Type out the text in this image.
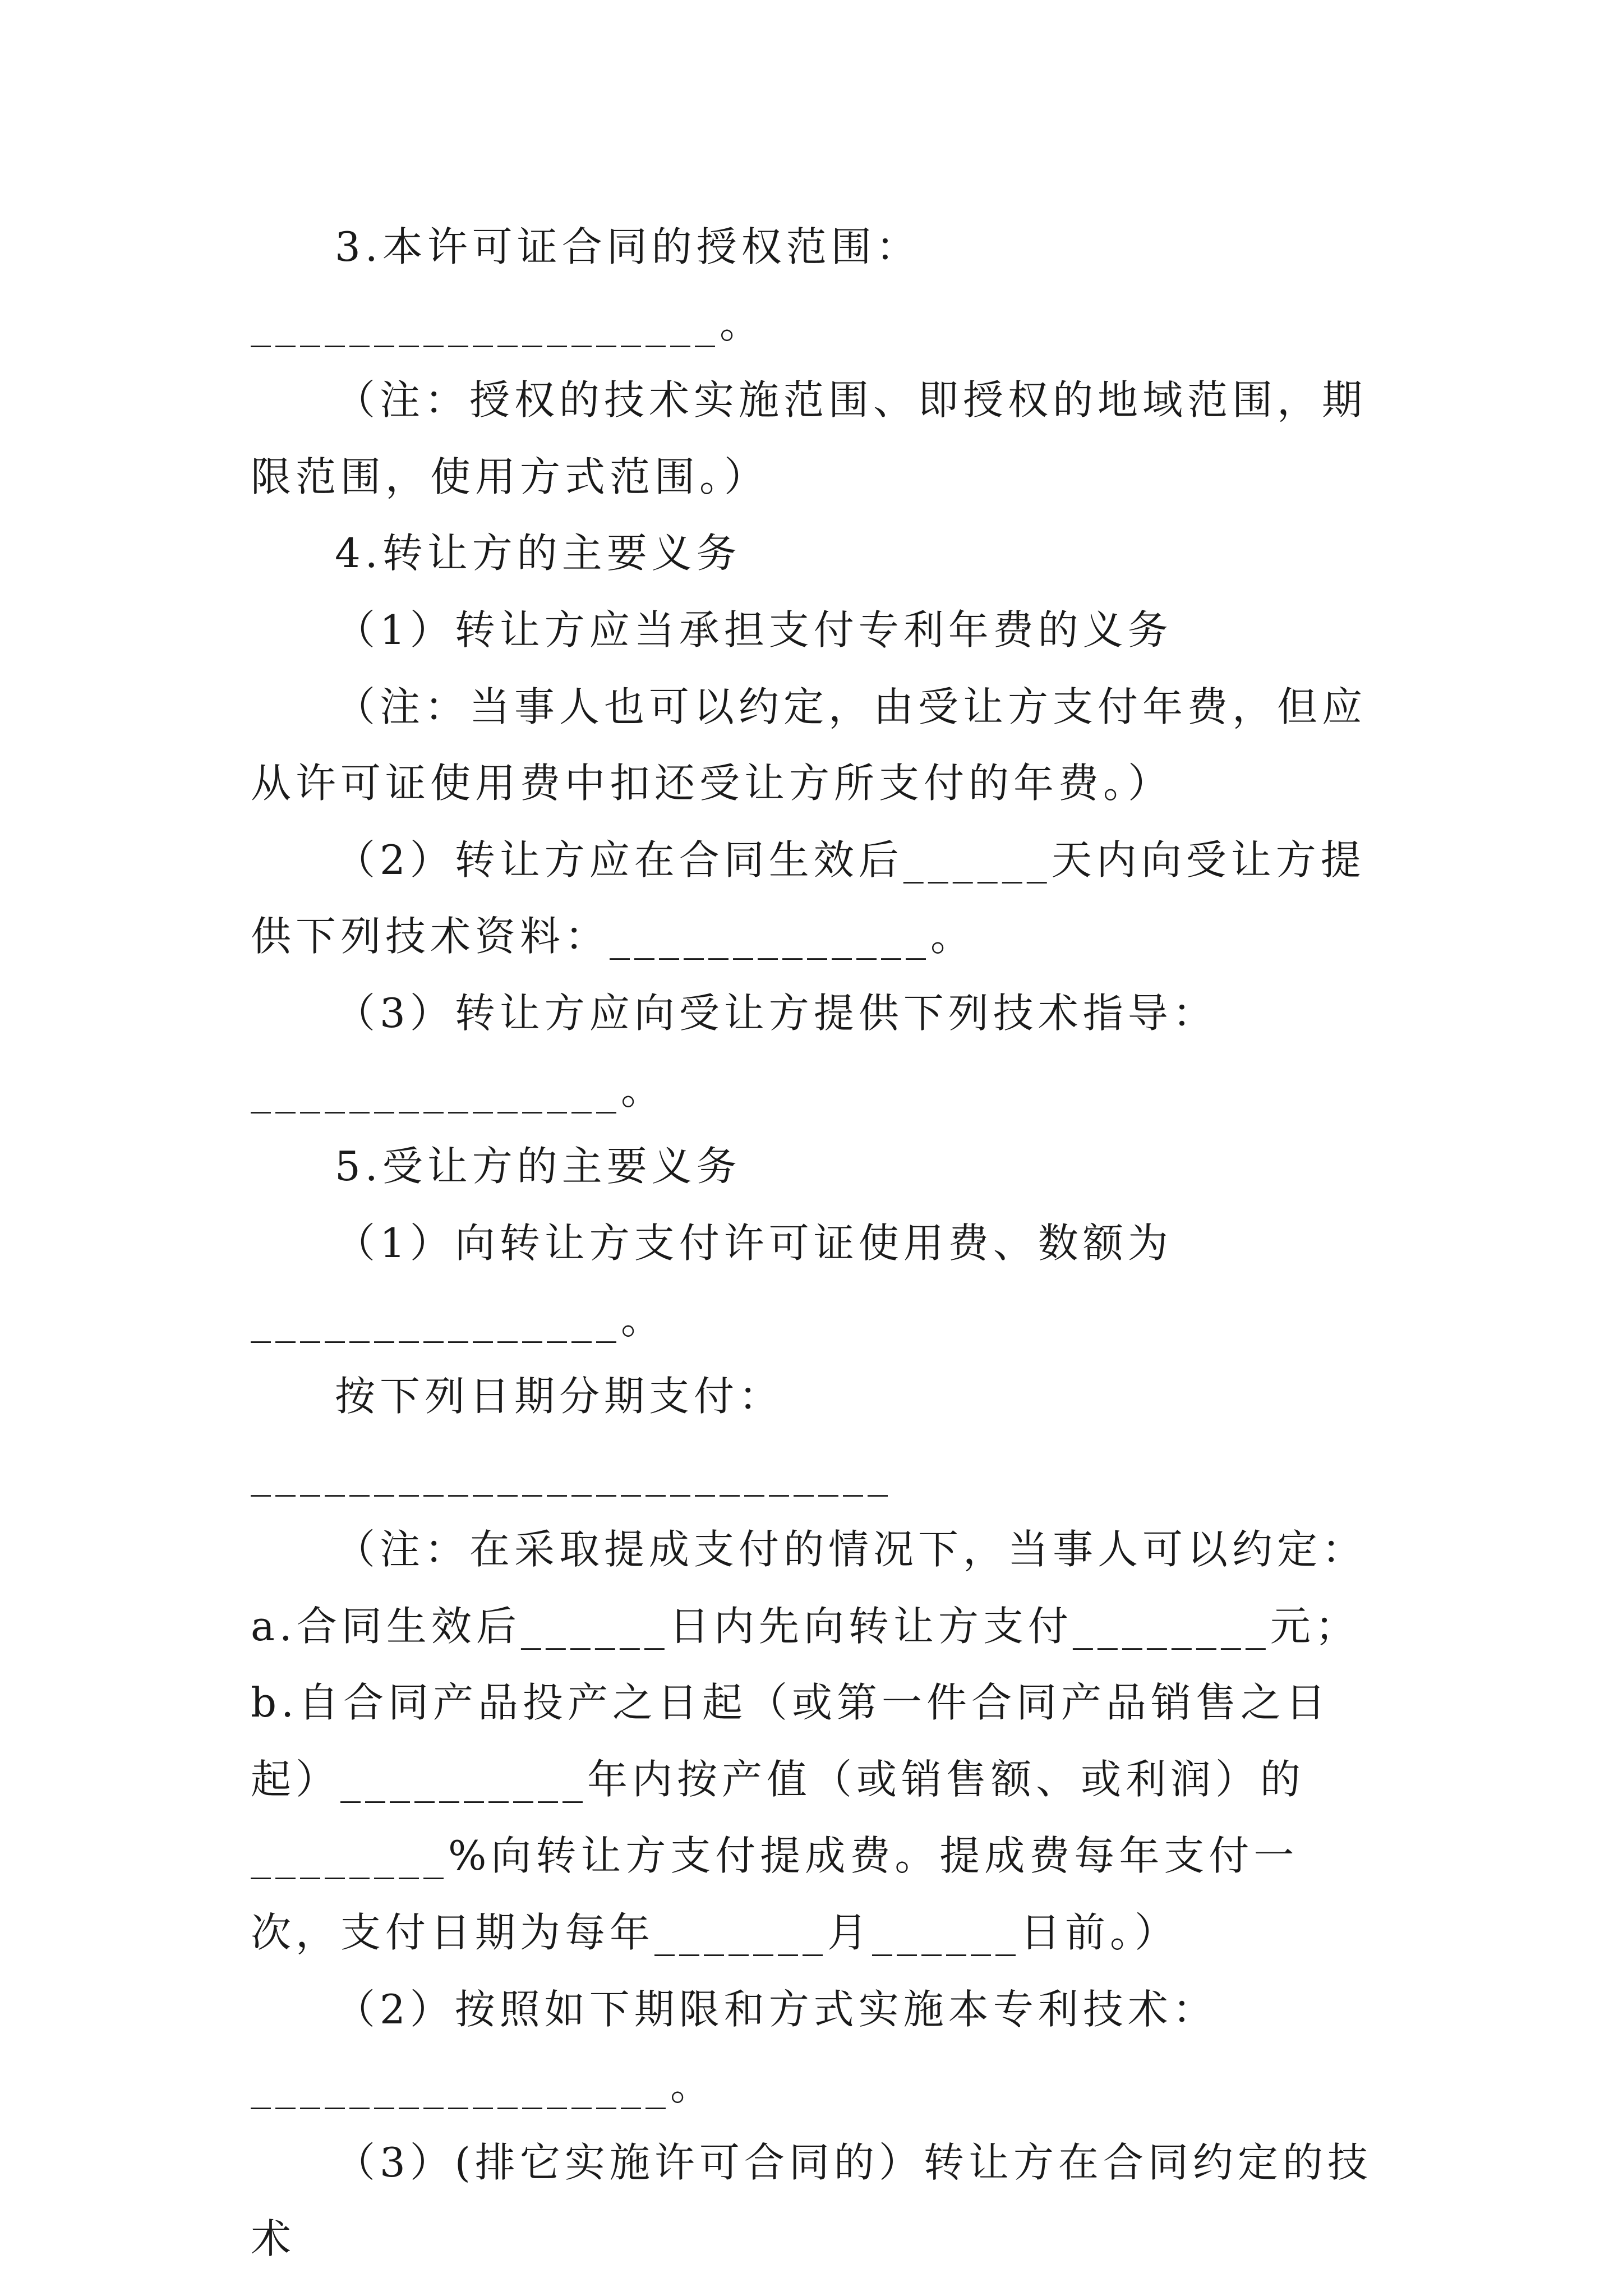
3.本许可证合同的授权范围：___________________。

（注：授权的技术实施范围、即授权的地域范围，期限范围，使用方式范围。）

4.转让方的主要义务

（1）转让方应当承担支付专利年费的义务

（注：当事人也可以约定，由受让方支付年费，但应从许可证使用费中扣还受让方所支付的年费。）

（2）转让方应在合同生效后______天内向受让方提供下列技术资料：_____________。

（3）转让方应向受让方提供下列技术指导：_______________。

5.受让方的主要义务

（1）向转让方支付许可证使用费、数额为_______________。

按下列日期分期支付：__________________________

（注：在采取提成支付的情况下，当事人可以约定：a.合同生效后______日内先向转让方支付________元；b.自合同产品投产之日起（或第一件合同产品销售之日起）__________年内按产值（或销售额、或利润）的________%向转让方支付提成费。提成费每年支付一次，支付日期为每年_______月______日前。）

（2）按照如下期限和方式实施本专利技术：_________________。

（3）(排它实施许可合同的）转让方在合同约定的技术
